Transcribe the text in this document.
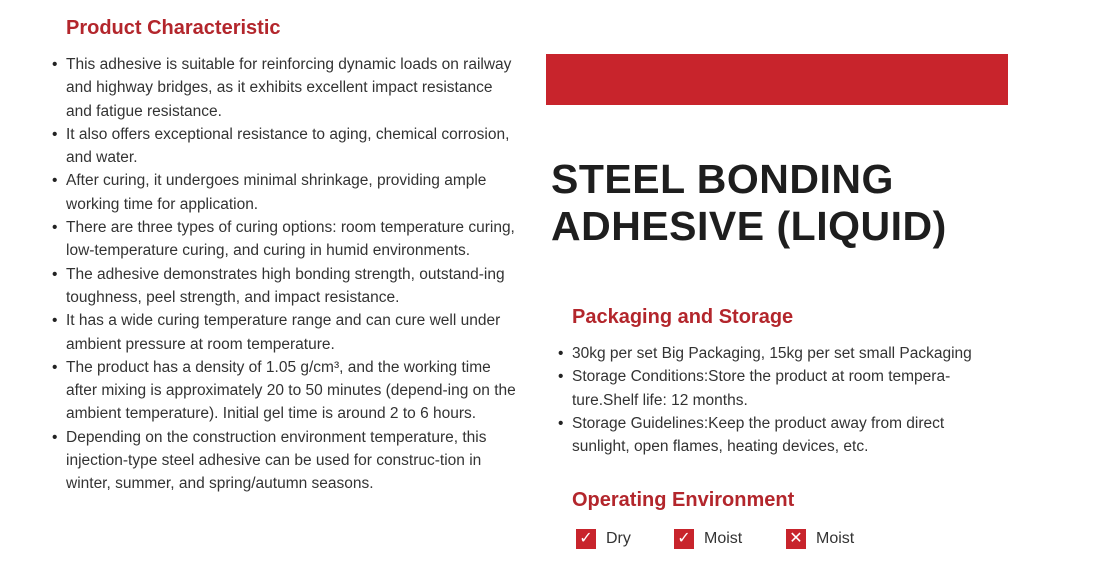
Product Characteristic
• This adhesive is suitable for reinforcing dynamic loads on railway and highway bridges, as it exhibits excellent impact resistance and fatigue resistance.
• It also offers exceptional resistance to aging, chemical corrosion, and water.
• After curing, it undergoes minimal shrinkage, providing ample working time for application.
• There are three types of curing options: room temperature curing, low-temperature curing, and curing in humid environments.
• The adhesive demonstrates high bonding strength, outstand-ing toughness, peel strength, and impact resistance.
• It has a wide curing temperature range and can cure well under ambient pressure at room temperature.
• The product has a density of 1.05 g/cm³, and the working time after mixing is approximately 20 to 50 minutes (depend-ing on the ambient temperature). Initial gel time is around 2 to 6 hours.
• Depending on the construction environment temperature, this injection-type steel adhesive can be used for construc-tion in winter, summer, and spring/autumn seasons.
STEEL BONDING
ADHESIVE (LIQUID)
Packaging and Storage
• 30kg per set Big Packaging, 15kg per set small Packaging
• Storage Conditions:Store the product at room tempera-ture.Shelf life: 12 months.
• Storage Guidelines:Keep the product away from direct sunlight, open flames, heating devices, etc.
Operating Environment
✓ Dry	✓ Moist	✕ Moist
